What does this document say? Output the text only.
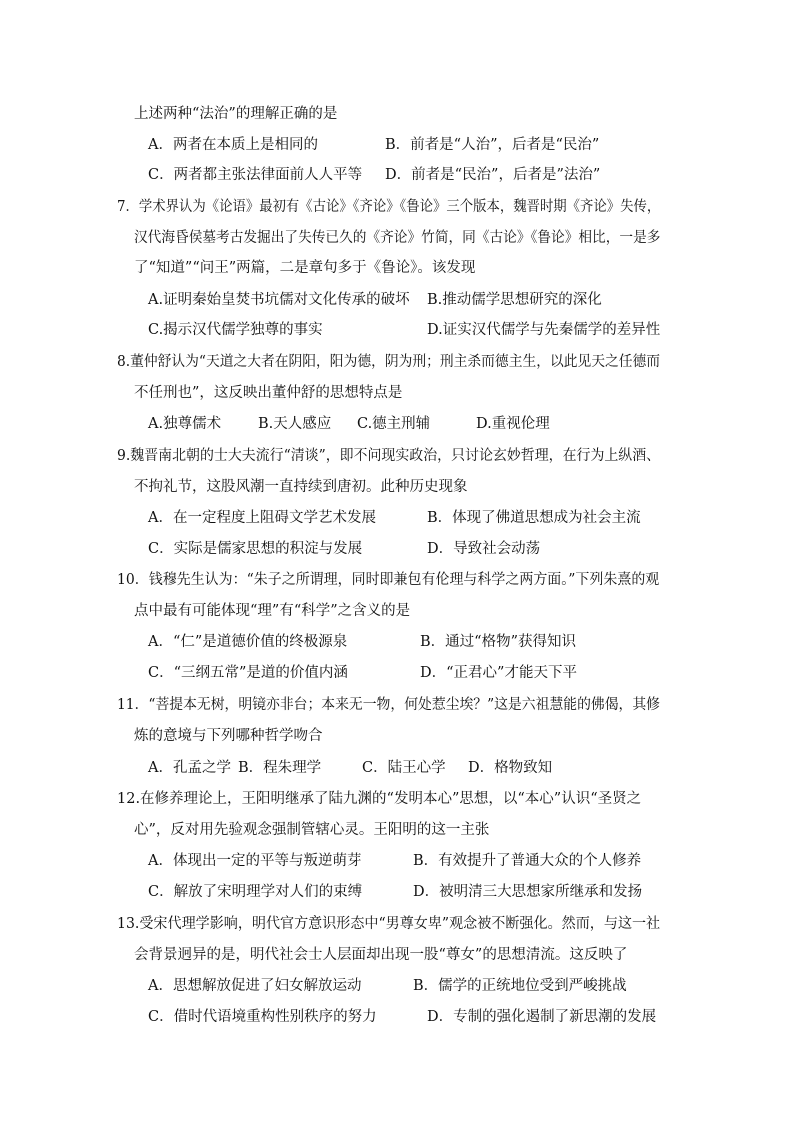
上述两种“法治”的理解正确的是
A．两者在本质上是相同的	B．前者是“人治”，后者是“民治”
C．两者都主张法律面前人人平等 D．前者是“民治”，后者是”法治”
7．学术界认为《论语》最初有《古论》《齐论》《鲁论》三个版本，魏晋时期《齐论》失传，
汉代海昏侯墓考古发掘出了失传已久的《齐论》竹简，同《古论》《鲁论》相比，一是多
了“知道”“问王”两篇，二是章句多于《鲁论》。该发现
A.证明秦始皇焚书坑儒对文化传承的破坏 B.推动儒学思想研究的深化
C.揭示汉代儒学独尊的事实	D.证实汉代儒学与先秦儒学的差异性
8.董仲舒认为“天道之大者在阴阳，阳为德，阴为刑；刑主杀而德主生，以此见天之任德而
不任刑也”，这反映出董仲舒的思想特点是
A.独尊儒术	B.天人感应 C.德主刑辅	D.重视伦理
9.魏晋南北朝的士大夫流行“清谈”，即不问现实政治，只讨论玄妙哲理，在行为上纵酒、
不拘礼节，这股风潮一直持续到唐初。此种历史现象
A．在一定程度上阻碍文学艺术发展	B．体现了佛道思想成为社会主流
C．实际是儒家思想的积淀与发展	D．导致社会动荡
10．钱穆先生认为：“朱子之所谓理，同时即兼包有伦理与科学之两方面。”下列朱熹的观
点中最有可能体现“理”有“科学”之含义的是
A．“仁”是道德价值的终极源泉	B．通过“格物”获得知识
C．“三纲五常”是道的价值内涵	D．“正君心”才能天下平
11．“菩提本无树，明镜亦非台；本来无一物，何处惹尘埃？”这是六祖慧能的佛偈，其修
炼的意境与下列哪种哲学吻合
A．孔孟之学 B．程朱理学	C．陆王心学 D．格物致知
12.在修养理论上，王阳明继承了陆九渊的“发明本心”思想，以“本心”认识“圣贤之
心”，反对用先验观念强制管辖心灵。王阳明的这一主张
A．体现出一定的平等与叛逆萌芽	B．有效提升了普通大众的个人修养
C．解放了宋明理学对人们的束缚	D．被明清三大思想家所继承和发扬
13.受宋代理学影响，明代官方意识形态中“男尊女卑”观念被不断强化。然而，与这一社
会背景迥异的是，明代社会士人层面却出现一股“尊女”的思想清流。这反映了
A．思想解放促进了妇女解放运动	B．儒学的正统地位受到严峻挑战
C．借时代语境重构性别秩序的努力	D．专制的强化遏制了新思潮的发展
